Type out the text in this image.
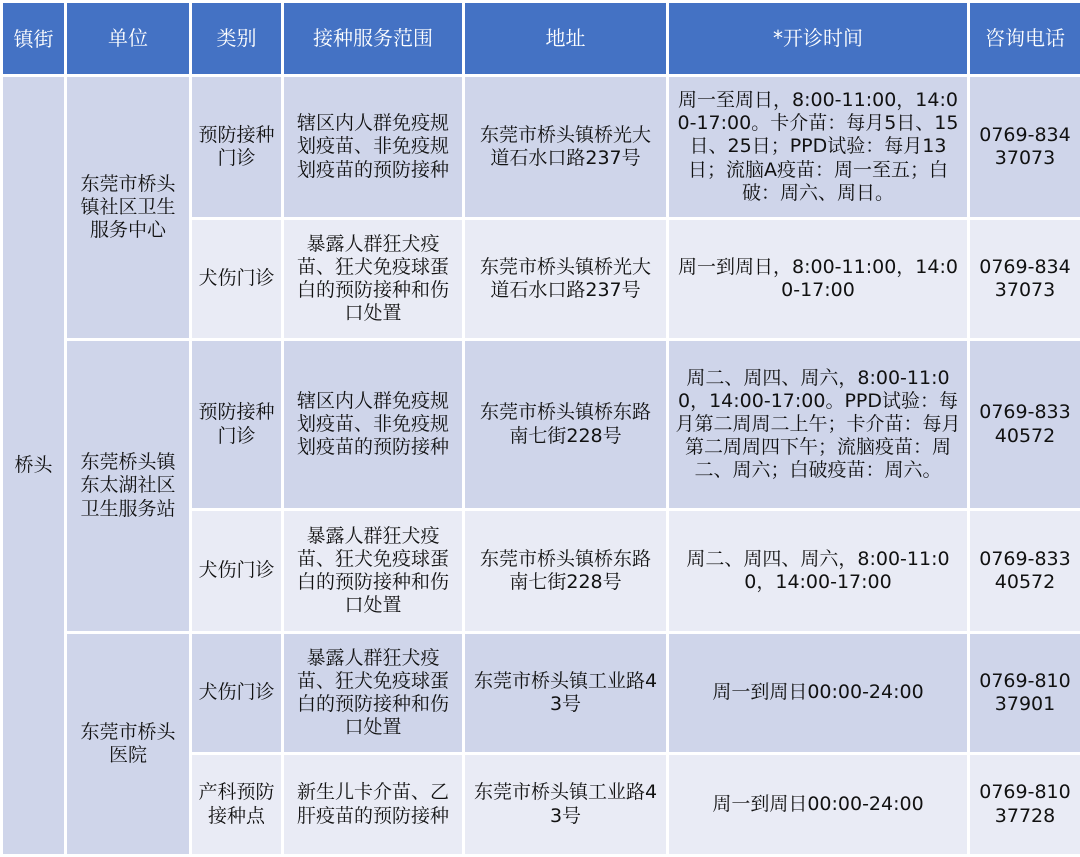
镇街	单位	类别	接种服务范围	地址	*开诊时间	咨询电话
桥头	东莞市桥头镇社区卫生服务中心	预防接种门诊	辖区内人群免疫规划疫苗、非免疫规划疫苗的预防接种	东莞市桥头镇桥光大道石水口路237号	周一至周日，8:00-11:00，14:00-17:00。卡介苗：每月5日、15日、25日；PPD试验：每月13日；流脑A疫苗：周一至五；白破：周六、周日。	0769-83437073
		犬伤门诊	暴露人群狂犬疫苗、狂犬免疫球蛋白的预防接种和伤口处置	东莞市桥头镇桥光大道石水口路237号	周一到周日，8:00-11:00，14:00-17:00	0769-83437073
	东莞桥头镇东太湖社区卫生服务站	预防接种门诊	辖区内人群免疫规划疫苗、非免疫规划疫苗的预防接种	东莞市桥头镇桥东路南七街228号	周二、周四、周六，8:00-11:00，14:00-17:00。PPD试验：每月第二周周二上午；卡介苗：每月第二周周四下午；流脑疫苗：周二、周六；白破疫苗：周六。	0769-83340572
		犬伤门诊	暴露人群狂犬疫苗、狂犬免疫球蛋白的预防接种和伤口处置	东莞市桥头镇桥东路南七街228号	周二、周四、周六，8:00-11:00，14:00-17:00	0769-83340572
	东莞市桥头医院	犬伤门诊	暴露人群狂犬疫苗、狂犬免疫球蛋白的预防接种和伤口处置	东莞市桥头镇工业路43号	周一到周日00:00-24:00	0769-81037901
		产科预防接种点	新生儿卡介苗、乙肝疫苗的预防接种	东莞市桥头镇工业路43号	周一到周日00:00-24:00	0769-81037728
